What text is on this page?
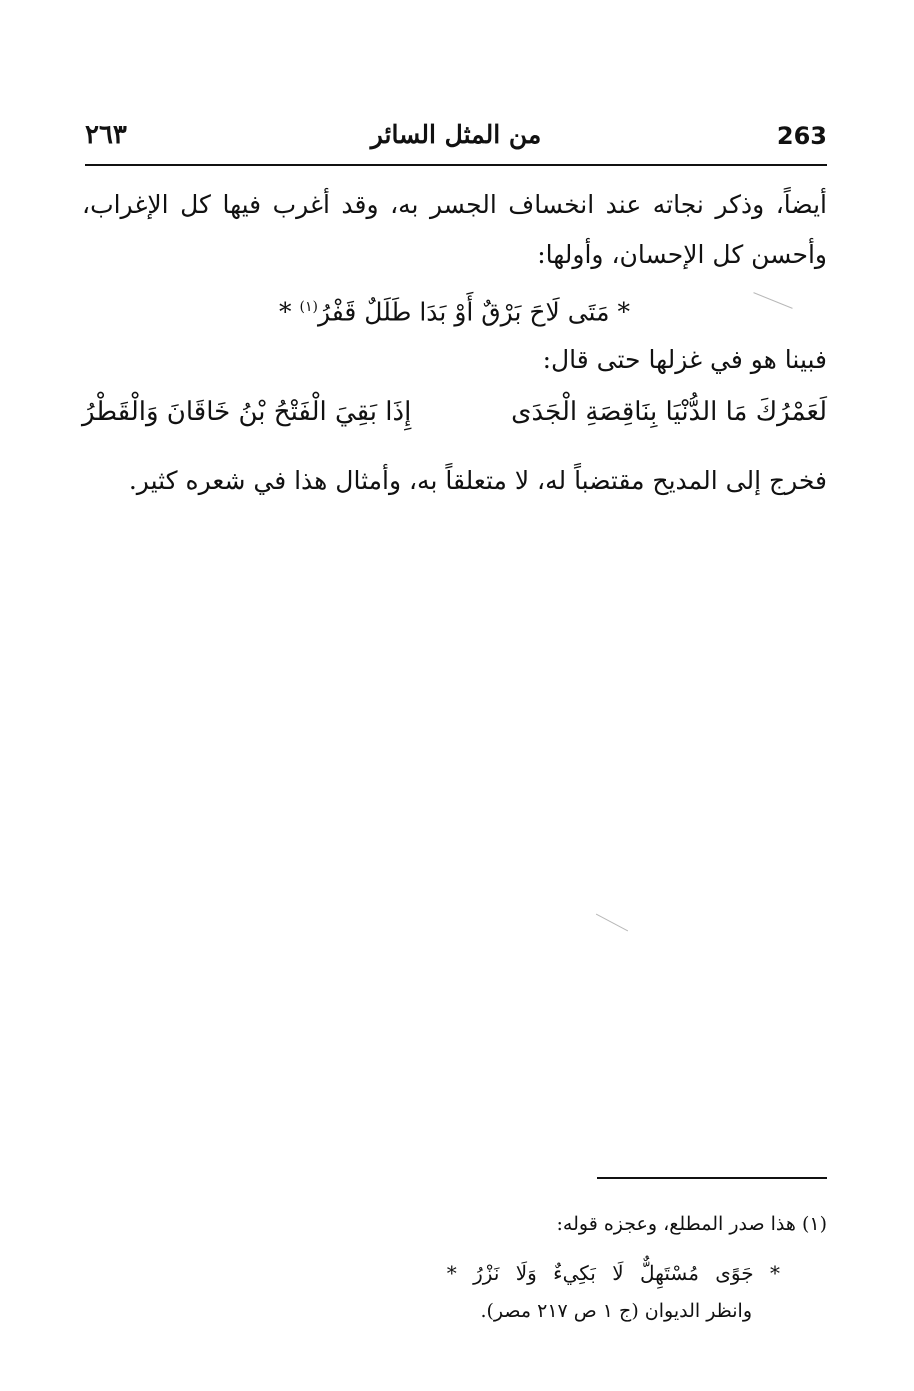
263
من المثل السائر
٢٦٣
أيضاً، وذكر نجاته عند انخساف الجسر به، وقد أغرب فيها كل الإغراب، وأحسن كل الإحسان، وأولها:
* مَتَى لَاحَ بَرْقٌ أَوْ بَدَا طَلَلٌ قَفْرُ$^{(١)}$ *
فبينا هو في غزلها حتى قال:
لَعَمْرُكَ مَا الدُّنْيَا بِنَاقِصَةِ الْجَدَى
إِذَا بَقِيَ الْفَتْحُ بْنُ خَاقَانَ وَالْقَطْرُ
فخرج إلى المديح مقتضباً له، لا متعلقاً به، وأمثال هذا في شعره كثير.
(١) هذا صدر المطلع، وعجزه قوله:
* جَوًى مُسْتَهِلٌّ لَا بَكِيءٌ وَلَا نَزْرُ *
وانظر الديوان (ج ١ ص ٢١٧ مصر).
